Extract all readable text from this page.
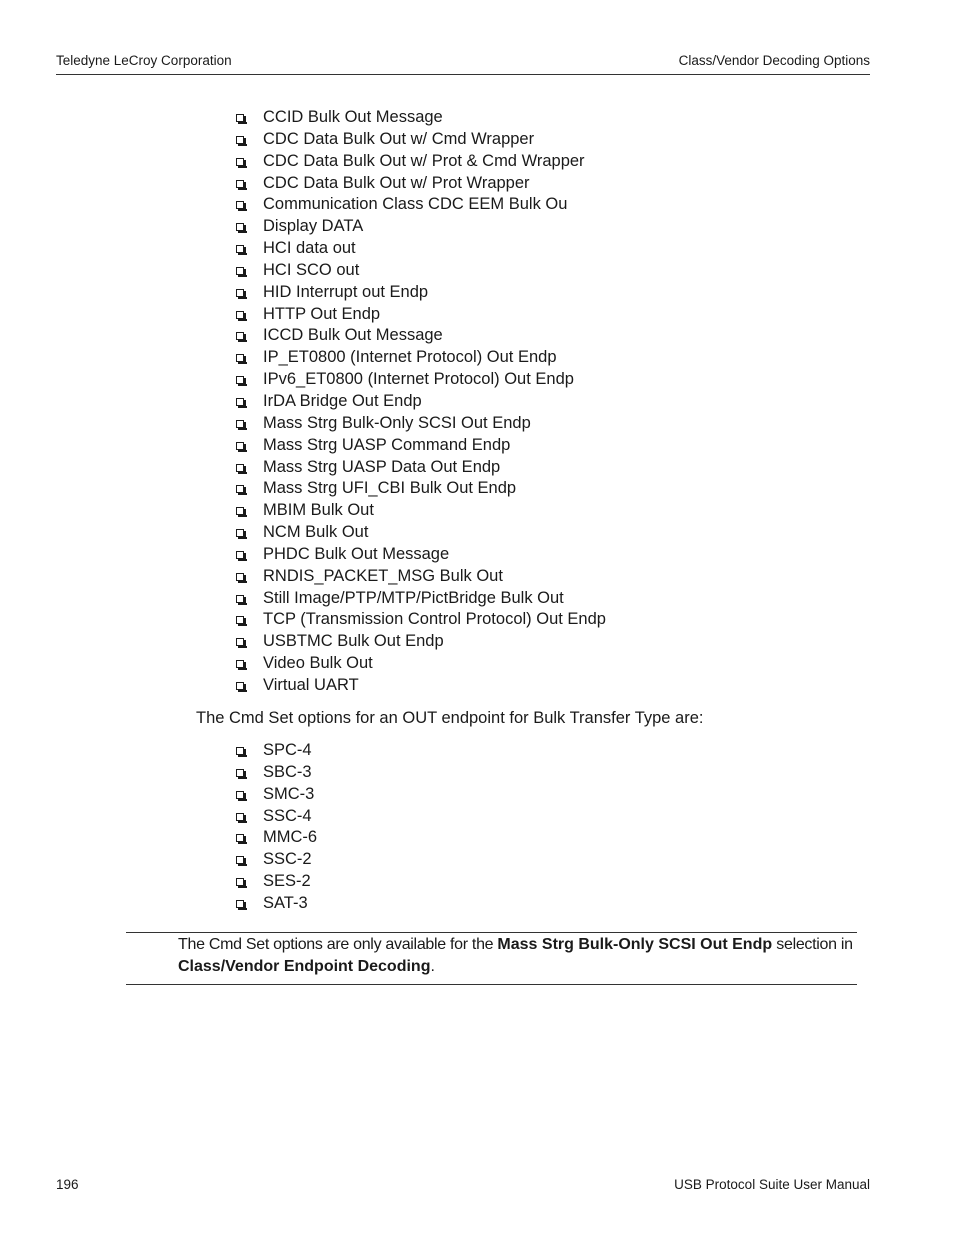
Teledyne LeCroy Corporation	Class/Vendor Decoding Options
CCID Bulk Out Message
CDC Data Bulk Out w/ Cmd Wrapper
CDC Data Bulk Out w/ Prot & Cmd Wrapper
CDC Data Bulk Out w/ Prot Wrapper
Communication Class CDC EEM Bulk Ou
Display DATA
HCI data out
HCI SCO out
HID Interrupt out Endp
HTTP Out Endp
ICCD Bulk Out Message
IP_ET0800 (Internet Protocol) Out Endp
IPv6_ET0800 (Internet Protocol) Out Endp
IrDA Bridge Out Endp
Mass Strg Bulk-Only SCSI Out Endp
Mass Strg UASP Command Endp
Mass Strg UASP Data Out Endp
Mass Strg UFI_CBI Bulk Out Endp
MBIM Bulk Out
NCM Bulk Out
PHDC Bulk Out Message
RNDIS_PACKET_MSG Bulk Out
Still Image/PTP/MTP/PictBridge Bulk Out
TCP (Transmission Control Protocol) Out Endp
USBTMC Bulk Out Endp
Video Bulk Out
Virtual UART
The Cmd Set options for an OUT endpoint for Bulk Transfer Type are:
SPC-4
SBC-3
SMC-3
SSC-4
MMC-6
SSC-2
SES-2
SAT-3
The Cmd Set options are only available for the Mass Strg Bulk-Only SCSI Out Endp selection in Class/Vendor Endpoint Decoding.
196	USB Protocol Suite User Manual
